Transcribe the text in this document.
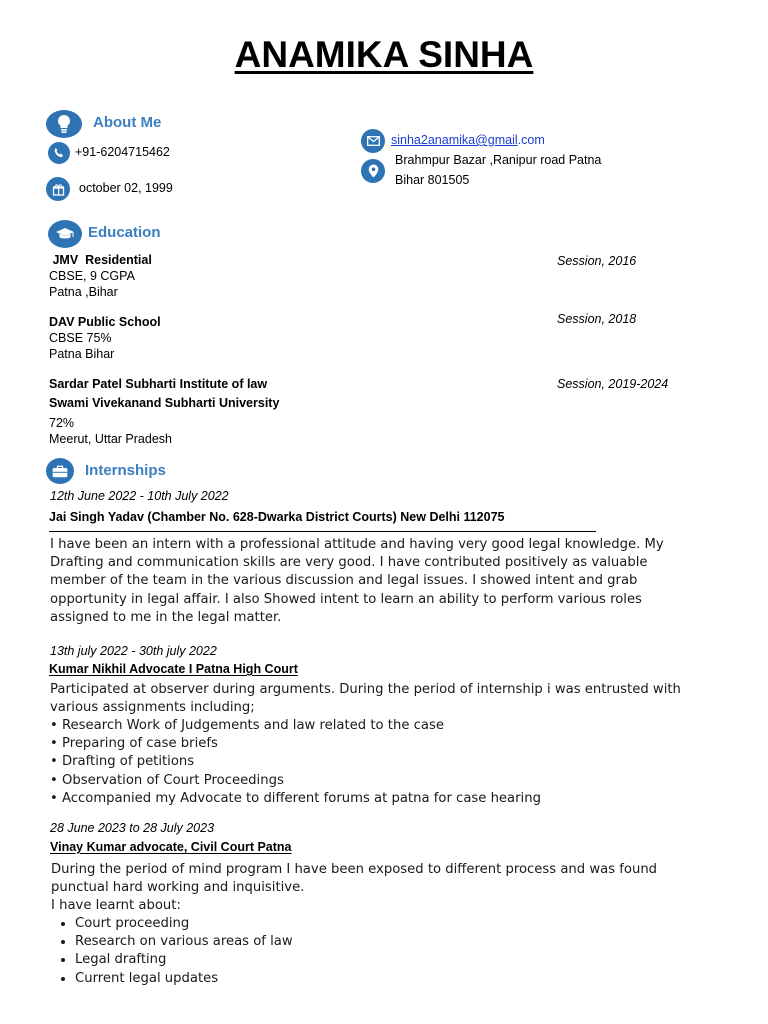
ANAMIKA SINHA
About Me
+91-6204715462
october 02, 1999
sinha2anamika@gmail.com
Brahmpur Bazar ,Ranipur road Patna
Bihar 801505
Education
JMV  Residential
CBSE, 9 CGPA
Patna ,Bihar
Session, 2016
DAV Public School
CBSE 75%
Patna Bihar
Session, 2018
Sardar Patel Subharti Institute of law
Swami Vivekanand Subharti University
72%
Meerut, Uttar Pradesh
Session, 2019-2024
Internships
12th June 2022 - 10th July 2022
Jai Singh Yadav (Chamber No. 628-Dwarka District Courts) New Delhi 112075
I have been an intern with a professional attitude and having very good legal knowledge. My Drafting and communication skills are very good. I have contributed positively as valuable member of the team in the various discussion and legal issues. I showed intent and grab opportunity in legal affair. I also Showed intent to learn an ability to perform various roles assigned to me in the legal matter.
13th july 2022 - 30th july 2022
Kumar Nikhil Advocate I Patna High Court
Participated at observer during arguments. During the period of internship i was entrusted with various assignments including;
• Research Work of Judgements and law related to the case
• Preparing of case briefs
• Drafting of petitions
• Observation of Court Proceedings
• Accompanied my Advocate to different forums at patna for case hearing
28 June 2023 to 28 July 2023
Vinay Kumar advocate, Civil Court Patna
During the period of mind program I have been exposed to different process and was found punctual hard working and inquisitive.
I have learnt about:
• Court proceeding
• Research on various areas of law
• Legal drafting
• Current legal updates
